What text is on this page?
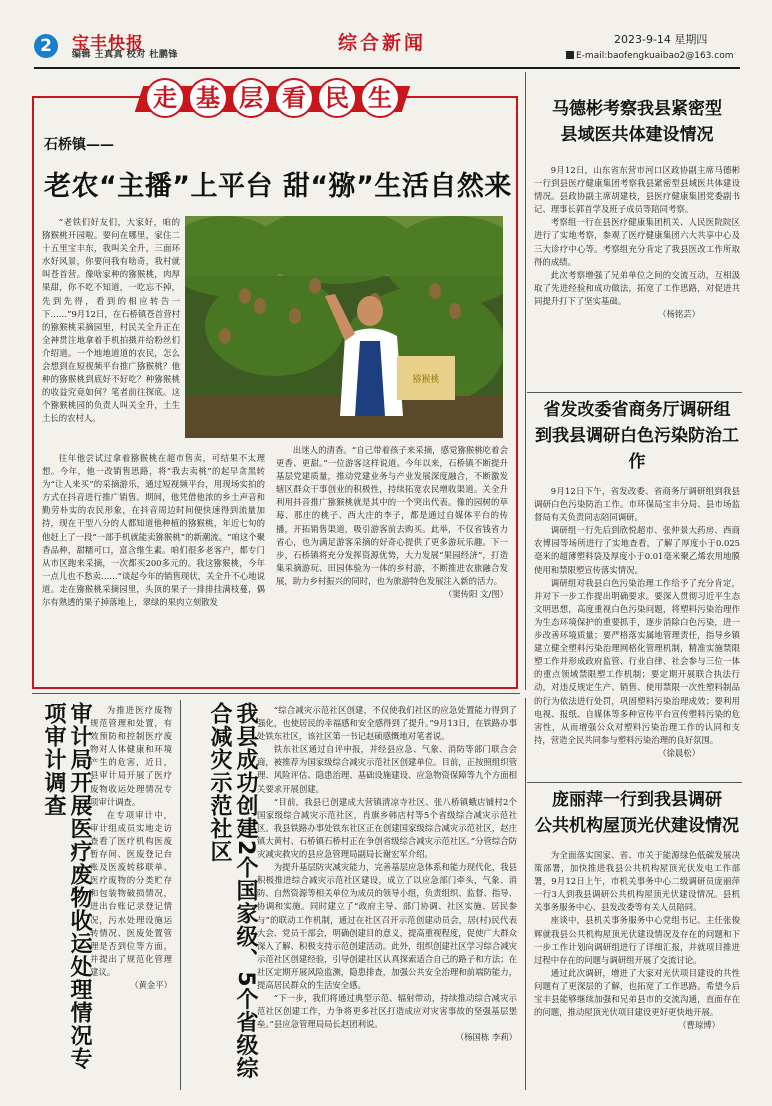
2	宝丰快报
编辑 王真真 校对 杜鹏锋
综合新闻	2023-9-14 星期四
E-mail:baofengkuaibao2@163.com
走 基 层 看 民 生
石桥镇——
老农“主播”上平台 甜“猕”生活自然来
猕猴桃

“老铁们好友们，大家好，咱的猕猴桃开园啦。要问在哪里，家住二十五里宝丰东，我叫关全升，三面环水好风景，你要问我有啥奇，我村就叫苍首营。像啥家种的猕猴桃，肉厚果甜，你不吃不知道，一吃忘不掉，先到先得，看到的相应转告一下……”9月12日，在石桥镇苍首营村的猕猴桃采摘园里，村民关全升正在全神贯注地拿着手机拍摄并给粉丝们介绍道。一个地地道道的农民，怎么会想到在短视频平台推广猕猴桃？他种的猕猴桃到底好不好吃？种猕猴桃的收益究竟如何？笔者前往探底。这个猕猴桃园的负责人叫关全升，土生土长的农村人。

往年他尝试过拿着猕猴桃在超市售卖，可结果不太理想。今年，他一改销售思路，将“我去卖桃”的起早贪黑转为“让人来买”的采摘游乐，通过短视频平台，用现场实拍的方式在抖音进行推广销售。期间，他凭借他浓的乡土声音和勤劳朴实的农民形象，在抖音周边时间便快速得到流量加持，现在干型八分的人都知道他种植的猕猴桃，年近七旬的他赶上了一段“一部手机就能卖猕猴桃”的新潮流。“咱这个聚香品种，甜糯可口，富含维生素。咱们很多老客户，都专门从市区跑来采摘，一次都买200多元的。我这猕猴桃，今年一点儿也不愁卖……”谈起今年的销售现状，关全升不心地说道。走在猕猴桃采摘园里，头顶的果子一排排挂满枝蔓，偶尔有熟透的果子掉落地上，翠绿的果肉立刻散发

出迷人的清香。“自己带着孩子来采摘，感觉猕猴桃吃着会更香、更甜。”一位游客这样说道。今年以来，石桥镇不断提升基层党建质量，推动党建业务与产业发展深度融合，不断激发辖区群众干事创业的积极性，持续拓宽农民增收渠道。关全升利用抖音推广猕猴桃就是其中的一个突出代表。像的园树的草莓、那庄的桃子、西大庄的李子，都是通过自媒体平台的传播，开拓销售渠道，吸引游客前去购买。此举，不仅省钱省力省心，也为满足游客采摘的好奇心提供了更多游玩乐趣。下一步，石桥镇将充分发挥资源优势，大力发展“果园经济”，打造集采摘游玩、田园体验为一体的乡村游，不断推进农旅融合发展，助力乡村振兴的同时，也为旅游特色发展注入新的活力。

（窦传阳 文/图）

马德彬考察我县紧密型
县域医共体建设情况

9月12日，山东省东营市河口区政协副主席马德彬一行到县医疗健康集团考察我县紧密型县域医共体建设情况。县政协副主席胡建枝，县医疗健康集团党委副书记、理事长郭首学及班子成员等陪同考察。

考察组一行在县医疗健康集团机关、人民医院院区进行了实地考察，参观了医疗健康集团六大共享中心及三大诊疗中心等。考察组充分肯定了我县医改工作所取得的成绩。

此次考察增强了兄弟单位之间的交流互动，互相汲取了先进经验和成功做法，拓宽了工作思路，对促进共同提升打下了坚实基础。

（杨铭芸）

省发改委省商务厅调研组
到我县调研白色污染防治工作

9月12日下午，省发改委、省商务厅调研组到我县调研白色污染防治工作。市环保局宝丰分局、县市场监督局有关负责同志陪同调研。

调研组一行先后到欣悦超市、张仲景大药房、西商农博园等场所进行了实地查看，了解了厚度小于0.025毫米的超薄塑料袋及厚度小于0.01毫米聚乙烯农用地膜使用和禁限塑宣传落实情况。

调研组对我县白色污染治理工作给予了充分肯定，并对下一步工作提出明确要求。要深入贯彻习近平生态文明思想，高度重视白色污染问题，将塑料污染治理作为生态环境保护的重要抓手，逐步消除白色污染，进一步改善环境质量；要严格落实属地管理责任，指导乡镇建立健全塑料污染治理网格化管理机制，精准实施禁限塑工作并形成政府监管、行业自律、社会参与三位一体的重点领域禁限塑工作机制；要定期开展联合执法行动，对违反规定生产、销售、使用禁限一次性塑料制品的行为依法进行处罚，巩固塑料污染治理成效；要利用电视、报纸、自媒体等多种宣传平台宣传塑料污染的危害性，从而增强公众对塑料污染治理工作的认同和支持，营造全民共同参与塑料污染治理的良好氛围。

（徐晨松）

庞丽萍一行到我县调研
公共机构屋顶光伏建设情况

为全面落实国家、省、市关于能源绿色低碳发展决策部署，加快推进我县公共机构屋顶光伏发电工作部署，9月12日上午，市机关事务中心二级调研员庞丽萍一行3人到我县调研公共机构屋顶光伏建设情况。县机关事务服务中心、县发改委等有关人员陪同。

座谈中，县机关事务服务中心党组书记、主任张俊辉就我县公共机构屋顶光伏建设情况及存在的问题和下一步工作计划向调研组进行了详细汇报，并就项目推进过程中存在的问题与调研组开展了交流讨论。

通过此次调研，增进了大家对光伏项目建设的共性问题有了更深层的了解，也拓宽了工作思路。希望今后宝丰县能够继续加强和兄弟县市的交流沟通，直面存在的问题，推动屋顶光伏项目建设更好更快地开展。

（曹琼博）

审计局开展医疗废物收运处理情况专项审计调查	为推进医疗废物规范管理和处置，有效预防和控制医疗废物对人体健康和环境产生的危害，近日，县审计局开展了医疗废物收运处理情况专项审计调查。

在专项审计中，审计组成员实地走访查看了医疗机构医废暂存间、医废登记台账及医废转移联单、医疗废物的分类贮存和包装物破损情况，进出台账记录登记情况，污水处理设施运转情况、医废处置管理是否到位等方面，并提出了规范化管理建议。

（黄金平）	我县成功创建2个国家级、5个省级综合减灾示范社区	“综合减灾示范社区创建，不仅使我们社区的应急处置能力得到了强化，也使居民的幸福感和安全感得到了提升。”9月13日，在铁路办事处铁东社区，该社区第一书记赵硕感慨地对笔者说。

铁东社区通过自评申报，并经县应急、气象、消防等部门联合会商，被推荐为国家级综合减灾示范社区创建单位。目前，正按照组织管理、风险评估、隐患治理、基础设施建设、应急物资保障等九个方面相关要求开展创建。

“目前，我县已创建成大营镇清凉寺社区、张八桥镇蛾店铺村2个国家级综合减灾示范社区，肖旗乡韩店村等5个省级综合减灾示范社区。我县铁路办事处铁东社区正在创建国家级综合减灾示范社区，赵庄镇大黄村、石桥镇石桥村正在争创省级综合减灾示范社区。”分管综合防灾减灾救灾的县应急管理局副局长谢宏军介绍。

为提升基层防灾减灾能力，完善基层应急体系和能力现代化，我县积极推进综合减灾示范社区建设，成立了以应急部门牵头，气象、消防、自然资源等相关单位为成员的领导小组，负责组织、监督、指导、协调和实施。同时建立了“政府主导、部门协调、社区实施、居民参与”的联动工作机制，通过在社区召开示范创建动员会，居(村)民代表大会、党员干部会，明确创建目的意义，提高重视程度，促使广大群众深入了解、积极支持示范创建活动。此外，组织创建社区学习综合减灾示范社区创建经验，引导创建社区认真探索适合自己的路子和方法；在社区定期开展风险监测，隐患排查，加强公共安全治理和前端防能力，提高居民群众的生活安全感。

“下一步，我们将通过典型示范、辐射带动，持续推动综合减灾示范社区创建工作，力争将更多社区打造成应对灾害事故的坚强基层堡垒。”县应急管理局局长赵团利说。

（杨国栋 李莉）
